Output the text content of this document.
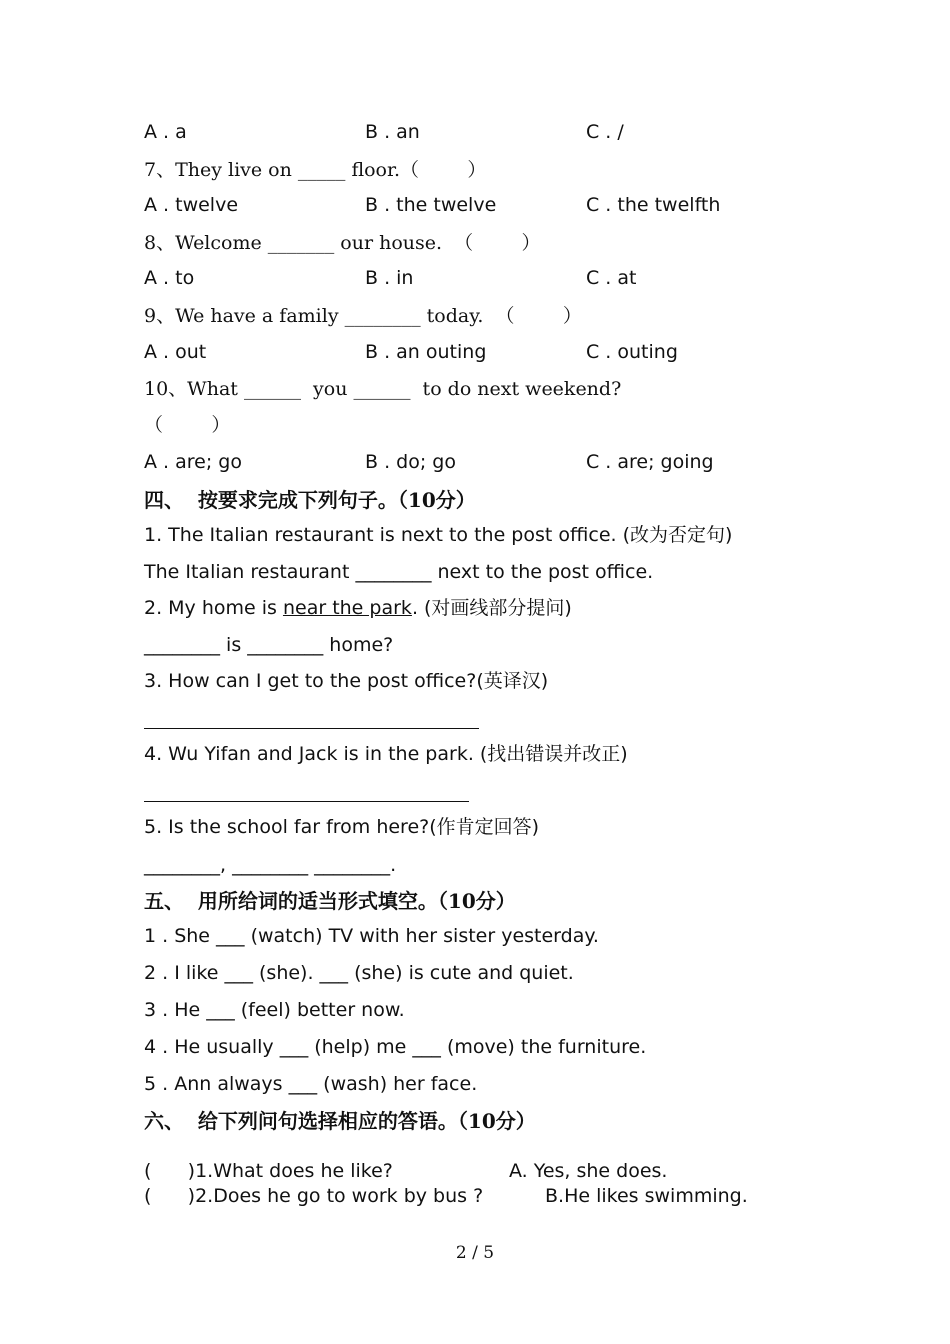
A . a	B . an	C . /
7、They live on _____ floor.（        ）
A . twelve	B . the twelve	C . the twelfth
8、Welcome _______ our house.  （        ）
A . to	B . in	C . at
9、We have a family ________ today.  （        ）
A . out	B . an outing	C . outing
10、What ______  you ______  to do next weekend?
（        ）
A . are; go	B . do; go	C . are; going
四、  按要求完成下列句子。（10分）
1. The Italian restaurant is next to the post office. (改为否定句)
The Italian restaurant ________ next to the post office.
2. My home is near the park. (对画线部分提问)
________ is ________ home?
3. How can I get to the post office?(英译汉)
4. Wu Yifan and Jack is in the park. (找出错误并改正)
5. Is the school far from here?(作肯定回答)
________, ________ ________.
五、  用所给词的适当形式填空。（10分）
1 . She ___ (watch) TV with her sister yesterday.
2 . I like ___ (she). ___ (she) is cute and quiet.
3 . He ___ (feel) better now.
4 . He usually ___ (help) me ___ (move) the furniture.
5 . Ann always ___ (wash) her face.
六、  给下列问句选择相应的答语。（10分）
(      )1.What does he like?	A. Yes, she does.
(      )2.Does he go to work by bus ?	B.He likes swimming.
2 / 5
